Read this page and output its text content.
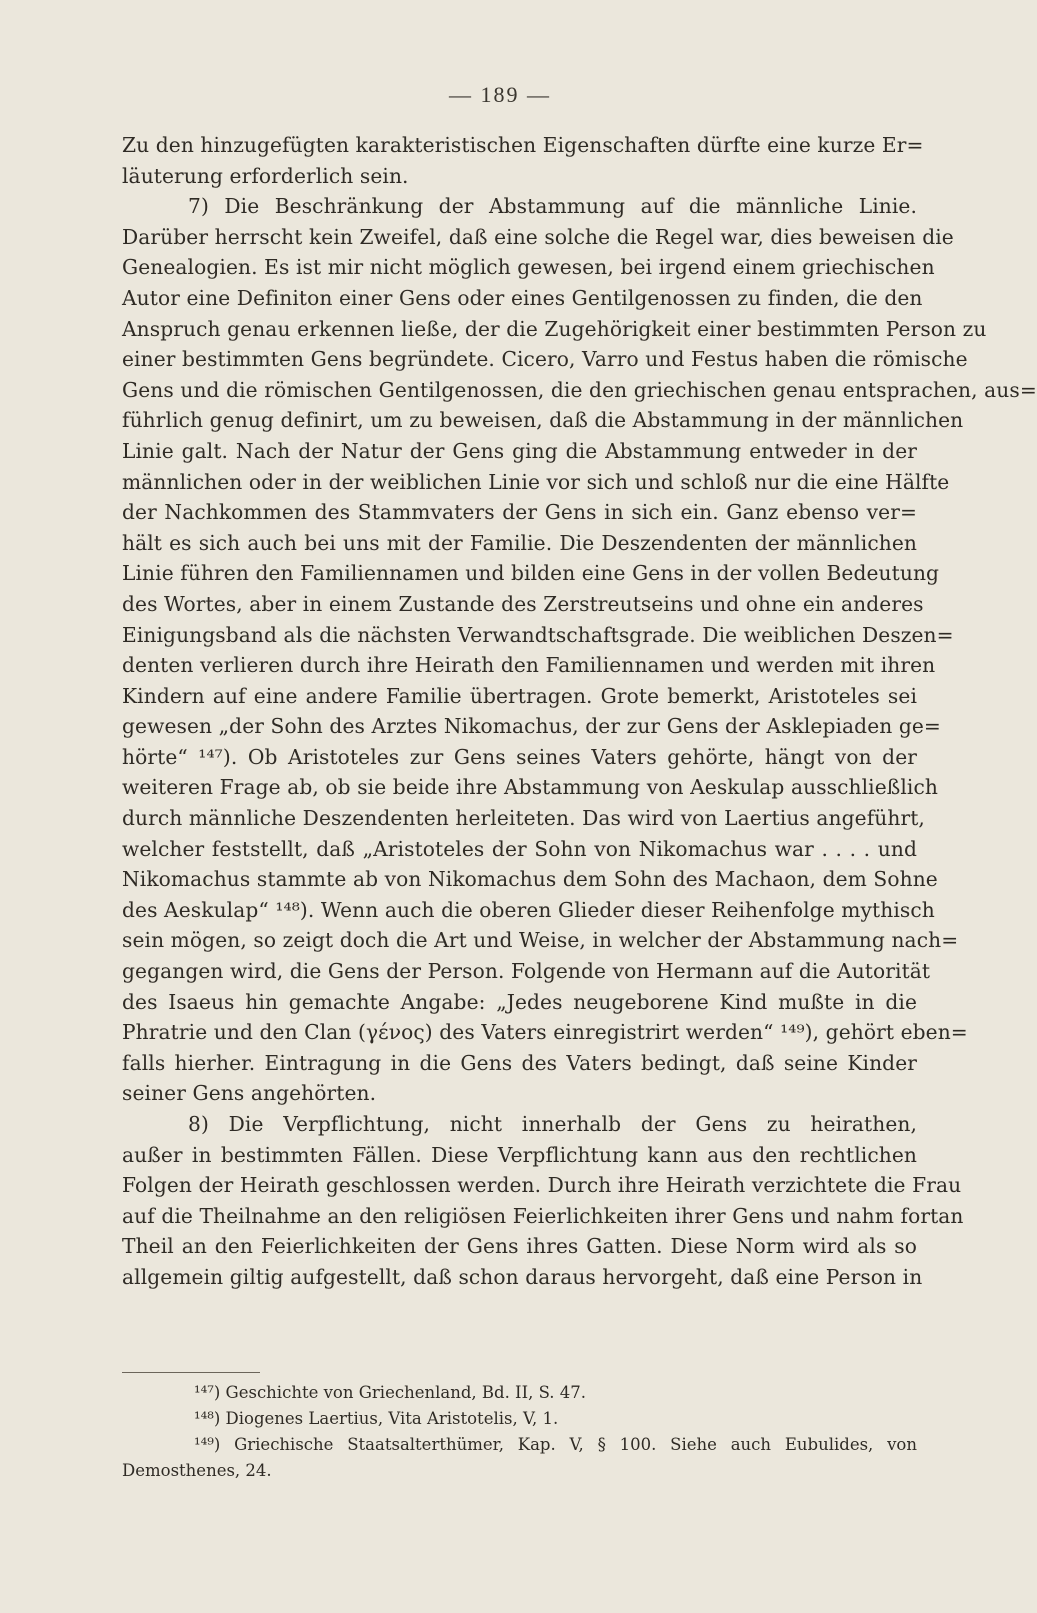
— 189 —
Zu den hinzugefügten karakteristischen Eigenschaften dürfte eine kurze Er=
läuterung erforderlich sein.
7) Die Beschränkung der Abstammung auf die männliche Linie.
Darüber herrscht kein Zweifel, daß eine solche die Regel war, dies beweisen die
Genealogien. Es ist mir nicht möglich gewesen, bei irgend einem griechischen
Autor eine Definiton einer Gens oder eines Gentilgenossen zu finden, die den
Anspruch genau erkennen ließe, der die Zugehörigkeit einer bestimmten Person zu
einer bestimmten Gens begründete. Cicero, Varro und Festus haben die römische
Gens und die römischen Gentilgenossen, die den griechischen genau entsprachen, aus=
führlich genug definirt, um zu beweisen, daß die Abstammung in der männlichen
Linie galt. Nach der Natur der Gens ging die Abstammung entweder in der
männlichen oder in der weiblichen Linie vor sich und schloß nur die eine Hälfte
der Nachkommen des Stammvaters der Gens in sich ein. Ganz ebenso ver=
hält es sich auch bei uns mit der Familie. Die Deszendenten der männlichen
Linie führen den Familiennamen und bilden eine Gens in der vollen Bedeutung
des Wortes, aber in einem Zustande des Zerstreutseins und ohne ein anderes
Einigungsband als die nächsten Verwandtschaftsgrade. Die weiblichen Deszen=
denten verlieren durch ihre Heirath den Familiennamen und werden mit ihren
Kindern auf eine andere Familie übertragen. Grote bemerkt, Aristoteles sei
gewesen „der Sohn des Arztes Nikomachus, der zur Gens der Asklepiaden ge=
hörte“ ¹⁴⁷). Ob Aristoteles zur Gens seines Vaters gehörte, hängt von der
weiteren Frage ab, ob sie beide ihre Abstammung von Aeskulap ausschließlich
durch männliche Deszendenten herleiteten. Das wird von Laertius angeführt,
welcher feststellt, daß „Aristoteles der Sohn von Nikomachus war . . . . und
Nikomachus stammte ab von Nikomachus dem Sohn des Machaon, dem Sohne
des Aeskulap“ ¹⁴⁸). Wenn auch die oberen Glieder dieser Reihenfolge mythisch
sein mögen, so zeigt doch die Art und Weise, in welcher der Abstammung nach=
gegangen wird, die Gens der Person. Folgende von Hermann auf die Autorität
des Isaeus hin gemachte Angabe: „Jedes neugeborene Kind mußte in die
Phratrie und den Clan (γένος) des Vaters einregistrirt werden“ ¹⁴⁹), gehört eben=
falls hierher. Eintragung in die Gens des Vaters bedingt, daß seine Kinder
seiner Gens angehörten.
8) Die Verpflichtung, nicht innerhalb der Gens zu heirathen,
außer in bestimmten Fällen. Diese Verpflichtung kann aus den rechtlichen
Folgen der Heirath geschlossen werden. Durch ihre Heirath verzichtete die Frau
auf die Theilnahme an den religiösen Feierlichkeiten ihrer Gens und nahm fortan
Theil an den Feierlichkeiten der Gens ihres Gatten. Diese Norm wird als so
allgemein giltig aufgestellt, daß schon daraus hervorgeht, daß eine Person in
¹⁴⁷) Geschichte von Griechenland, Bd. II, S. 47.
¹⁴⁸) Diogenes Laertius, Vita Aristotelis, V, 1.
¹⁴⁹) Griechische Staatsalterthümer, Kap. V, § 100. Siehe auch Eubulides, von
Demosthenes, 24.
